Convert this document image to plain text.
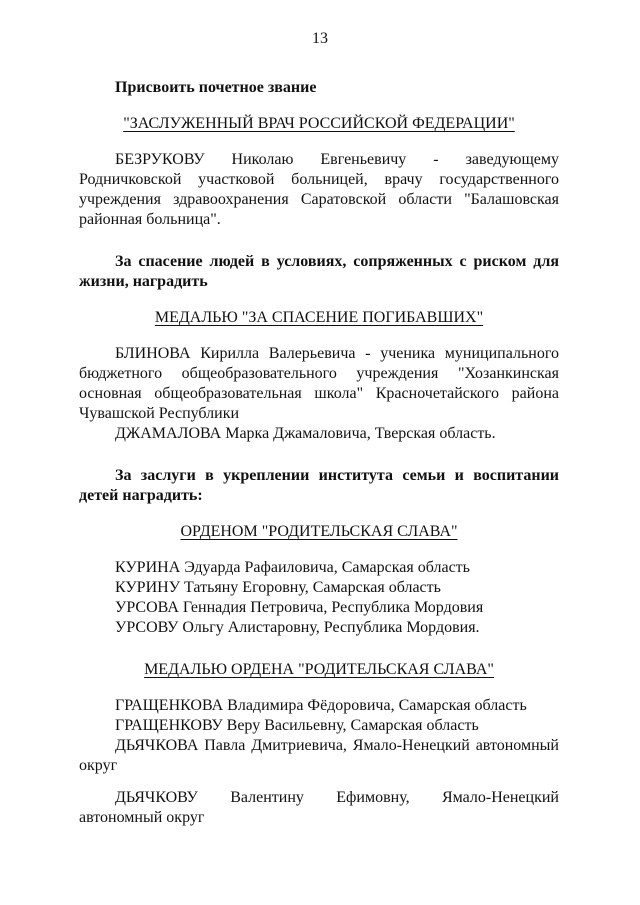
13

Присвоить почетное звание

"ЗАСЛУЖЕННЫЙ ВРАЧ РОССИЙСКОЙ ФЕДЕРАЦИИ"

БЕЗРУКОВУ Николаю Евгеньевичу - заведующему Родничковской участковой больницей, врачу государственного учреждения здравоохранения Саратовской области "Балашовская районная больница".

За спасение людей в условиях, сопряженных с риском для жизни, наградить

МЕДАЛЬЮ "ЗА СПАСЕНИЕ ПОГИБАВШИХ"

БЛИНОВА Кирилла Валерьевича - ученика муниципального бюджетного общеобразовательного учреждения "Хозанкинская основная общеобразовательная школа" Красночетайского района Чувашской Республики

ДЖАМАЛОВА Марка Джамаловича, Тверская область.

За заслуги в укреплении института семьи и воспитании детей наградить:

ОРДЕНОМ "РОДИТЕЛЬСКАЯ СЛАВА"

КУРИНА Эдуарда Рафаиловича, Самарская область

КУРИНУ Татьяну Егоровну, Самарская область

УРСОВА Геннадия Петровича, Республика Мордовия

УРСОВУ Ольгу Алистаровну, Республика Мордовия.

МЕДАЛЬЮ ОРДЕНА "РОДИТЕЛЬСКАЯ СЛАВА"

ГРАЩЕНКОВА Владимира Фёдоровича, Самарская область

ГРАЩЕНКОВУ Веру Васильевну, Самарская область

ДЬЯЧКОВА Павла Дмитриевича, Ямало-Ненецкий автономный округ

ДЬЯЧКОВУ Валентину Ефимовну, Ямало-Ненецкий автономный округ
